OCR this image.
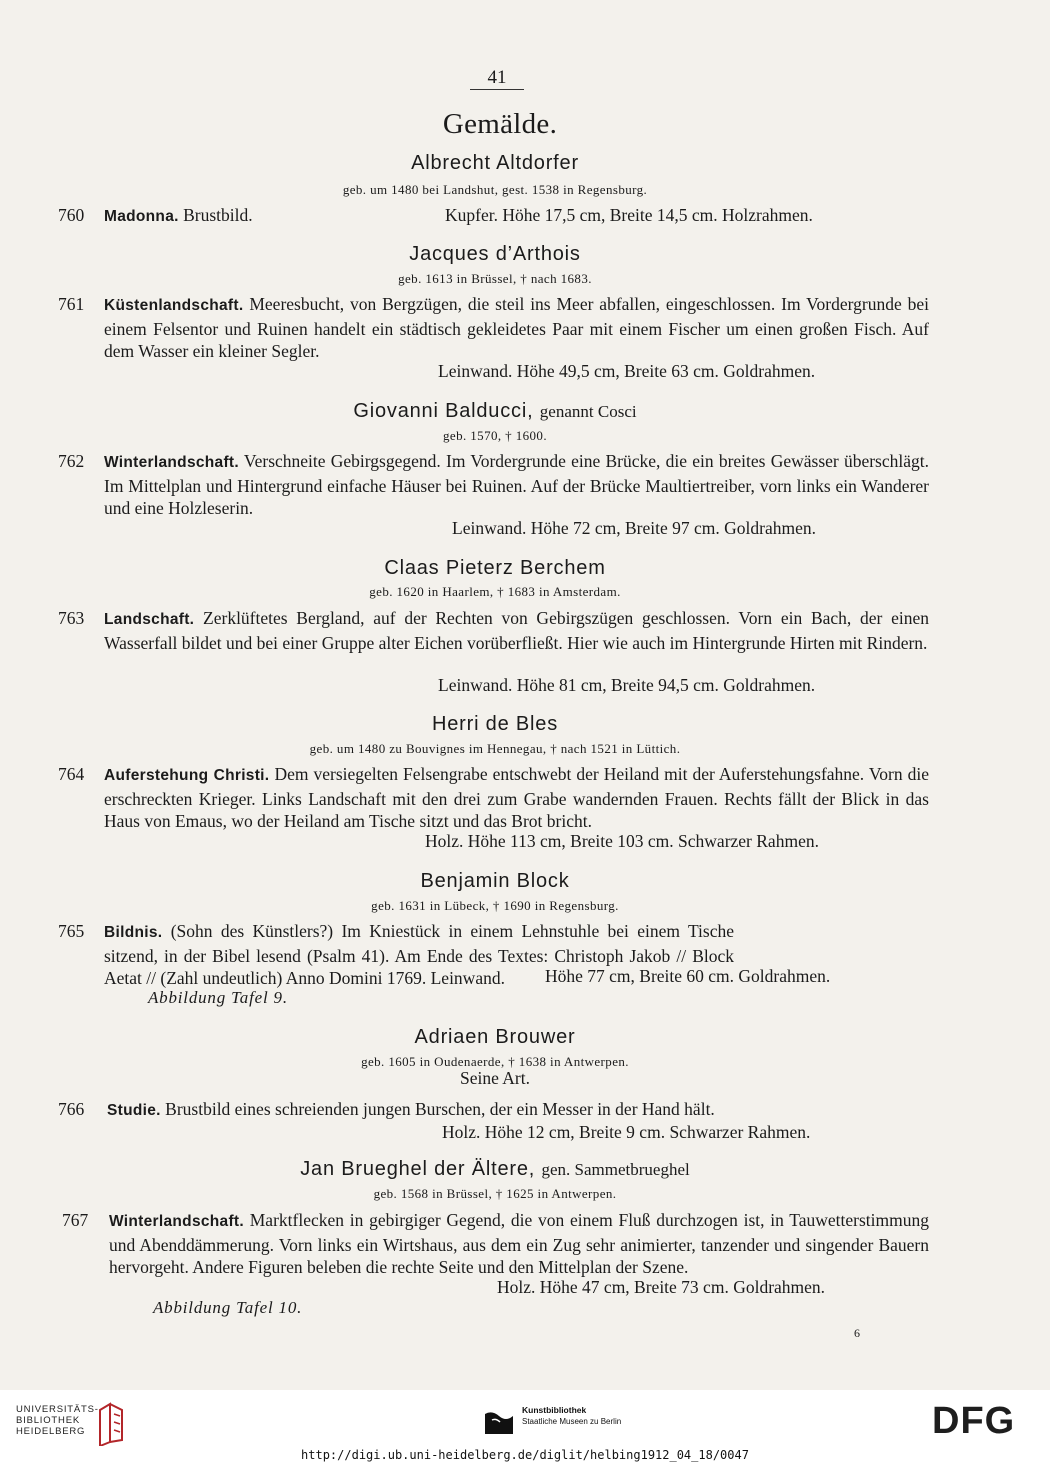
41
Gemälde.
Albrecht Altdorfer
geb. um 1480 bei Landshut, gest. 1538 in Regensburg.
760 Madonna. Brustbild.	Kupfer. Höhe 17,5 cm, Breite 14,5 cm. Holzrahmen.
Jacques d’Arthois
geb. 1613 in Brüssel, † nach 1683.
761 Küstenlandschaft. Meeresbucht, von Bergzügen, die steil ins Meer abfallen, eingeschlossen. Im Vordergrunde bei einem Felsentor und Ruinen handelt ein städtisch gekleidetes Paar mit einem Fischer um einen großen Fisch. Auf dem Wasser ein kleiner Segler.
Leinwand. Höhe 49,5 cm, Breite 63 cm. Goldrahmen.
Giovanni Balducci, genannt Cosci
geb. 1570, † 1600.
762 Winterlandschaft. Verschneite Gebirgsgegend. Im Vordergrunde eine Brücke, die ein breites Gewässer überschlägt. Im Mittelplan und Hintergrund einfache Häuser bei Ruinen. Auf der Brücke Maultiertreiber, vorn links ein Wanderer und eine Holzleserin.
Leinwand. Höhe 72 cm, Breite 97 cm. Goldrahmen.
Claas Pieterz Berchem
geb. 1620 in Haarlem, † 1683 in Amsterdam.
763 Landschaft. Zerklüftetes Bergland, auf der Rechten von Gebirgszügen geschlossen. Vorn ein Bach, der einen Wasserfall bildet und bei einer Gruppe alter Eichen vorüberfließt. Hier wie auch im Hintergrunde Hirten mit Rindern.
Leinwand. Höhe 81 cm, Breite 94,5 cm. Goldrahmen.
Herri de Bles
geb. um 1480 zu Bouvignes im Hennegau, † nach 1521 in Lüttich.
764 Auferstehung Christi. Dem versiegelten Felsengrabe entschwebt der Heiland mit der Auferstehungsfahne. Vorn die erschreckten Krieger. Links Landschaft mit den drei zum Grabe wandernden Frauen. Rechts fällt der Blick in das Haus von Emaus, wo der Heiland am Tische sitzt und das Brot bricht.
Holz. Höhe 113 cm, Breite 103 cm. Schwarzer Rahmen.
Benjamin Block
geb. 1631 in Lübeck, † 1690 in Regensburg.
765 Bildnis. (Sohn des Künstlers?) Im Kniestück in einem Lehnstuhle bei einem Tische sitzend, in der Bibel lesend (Psalm 41). Am Ende des Textes: Christoph Jakob // Block Aetat // (Zahl undeutlich) Anno Domini 1769. Leinwand.	Höhe 77 cm, Breite 60 cm. Goldrahmen.
Abbildung Tafel 9.
Adriaen Brouwer
geb. 1605 in Oudenaerde, † 1638 in Antwerpen.
Seine Art.
766 Studie. Brustbild eines schreienden jungen Burschen, der ein Messer in der Hand hält.
Holz. Höhe 12 cm, Breite 9 cm. Schwarzer Rahmen.
Jan Brueghel der Ältere, gen. Sammetbrueghel
geb. 1568 in Brüssel, † 1625 in Antwerpen.
767 Winterlandschaft. Marktflecken in gebirgiger Gegend, die von einem Fluß durchzogen ist, in Tauwetterstimmung und Abenddämmerung. Vorn links ein Wirtshaus, aus dem ein Zug sehr animierter, tanzender und singender Bauern hervorgeht. Andere Figuren beleben die rechte Seite und den Mittelplan der Szene.
Holz. Höhe 47 cm, Breite 73 cm. Goldrahmen.
Abbildung Tafel 10.
6
UNIVERSITÄTS-
BIBLIOTHEK
HEIDELBERG
Kunstbibliothek
Staatliche Museen zu Berlin	DFG
http://digi.ub.uni-heidelberg.de/diglit/helbing1912_04_18/0047
